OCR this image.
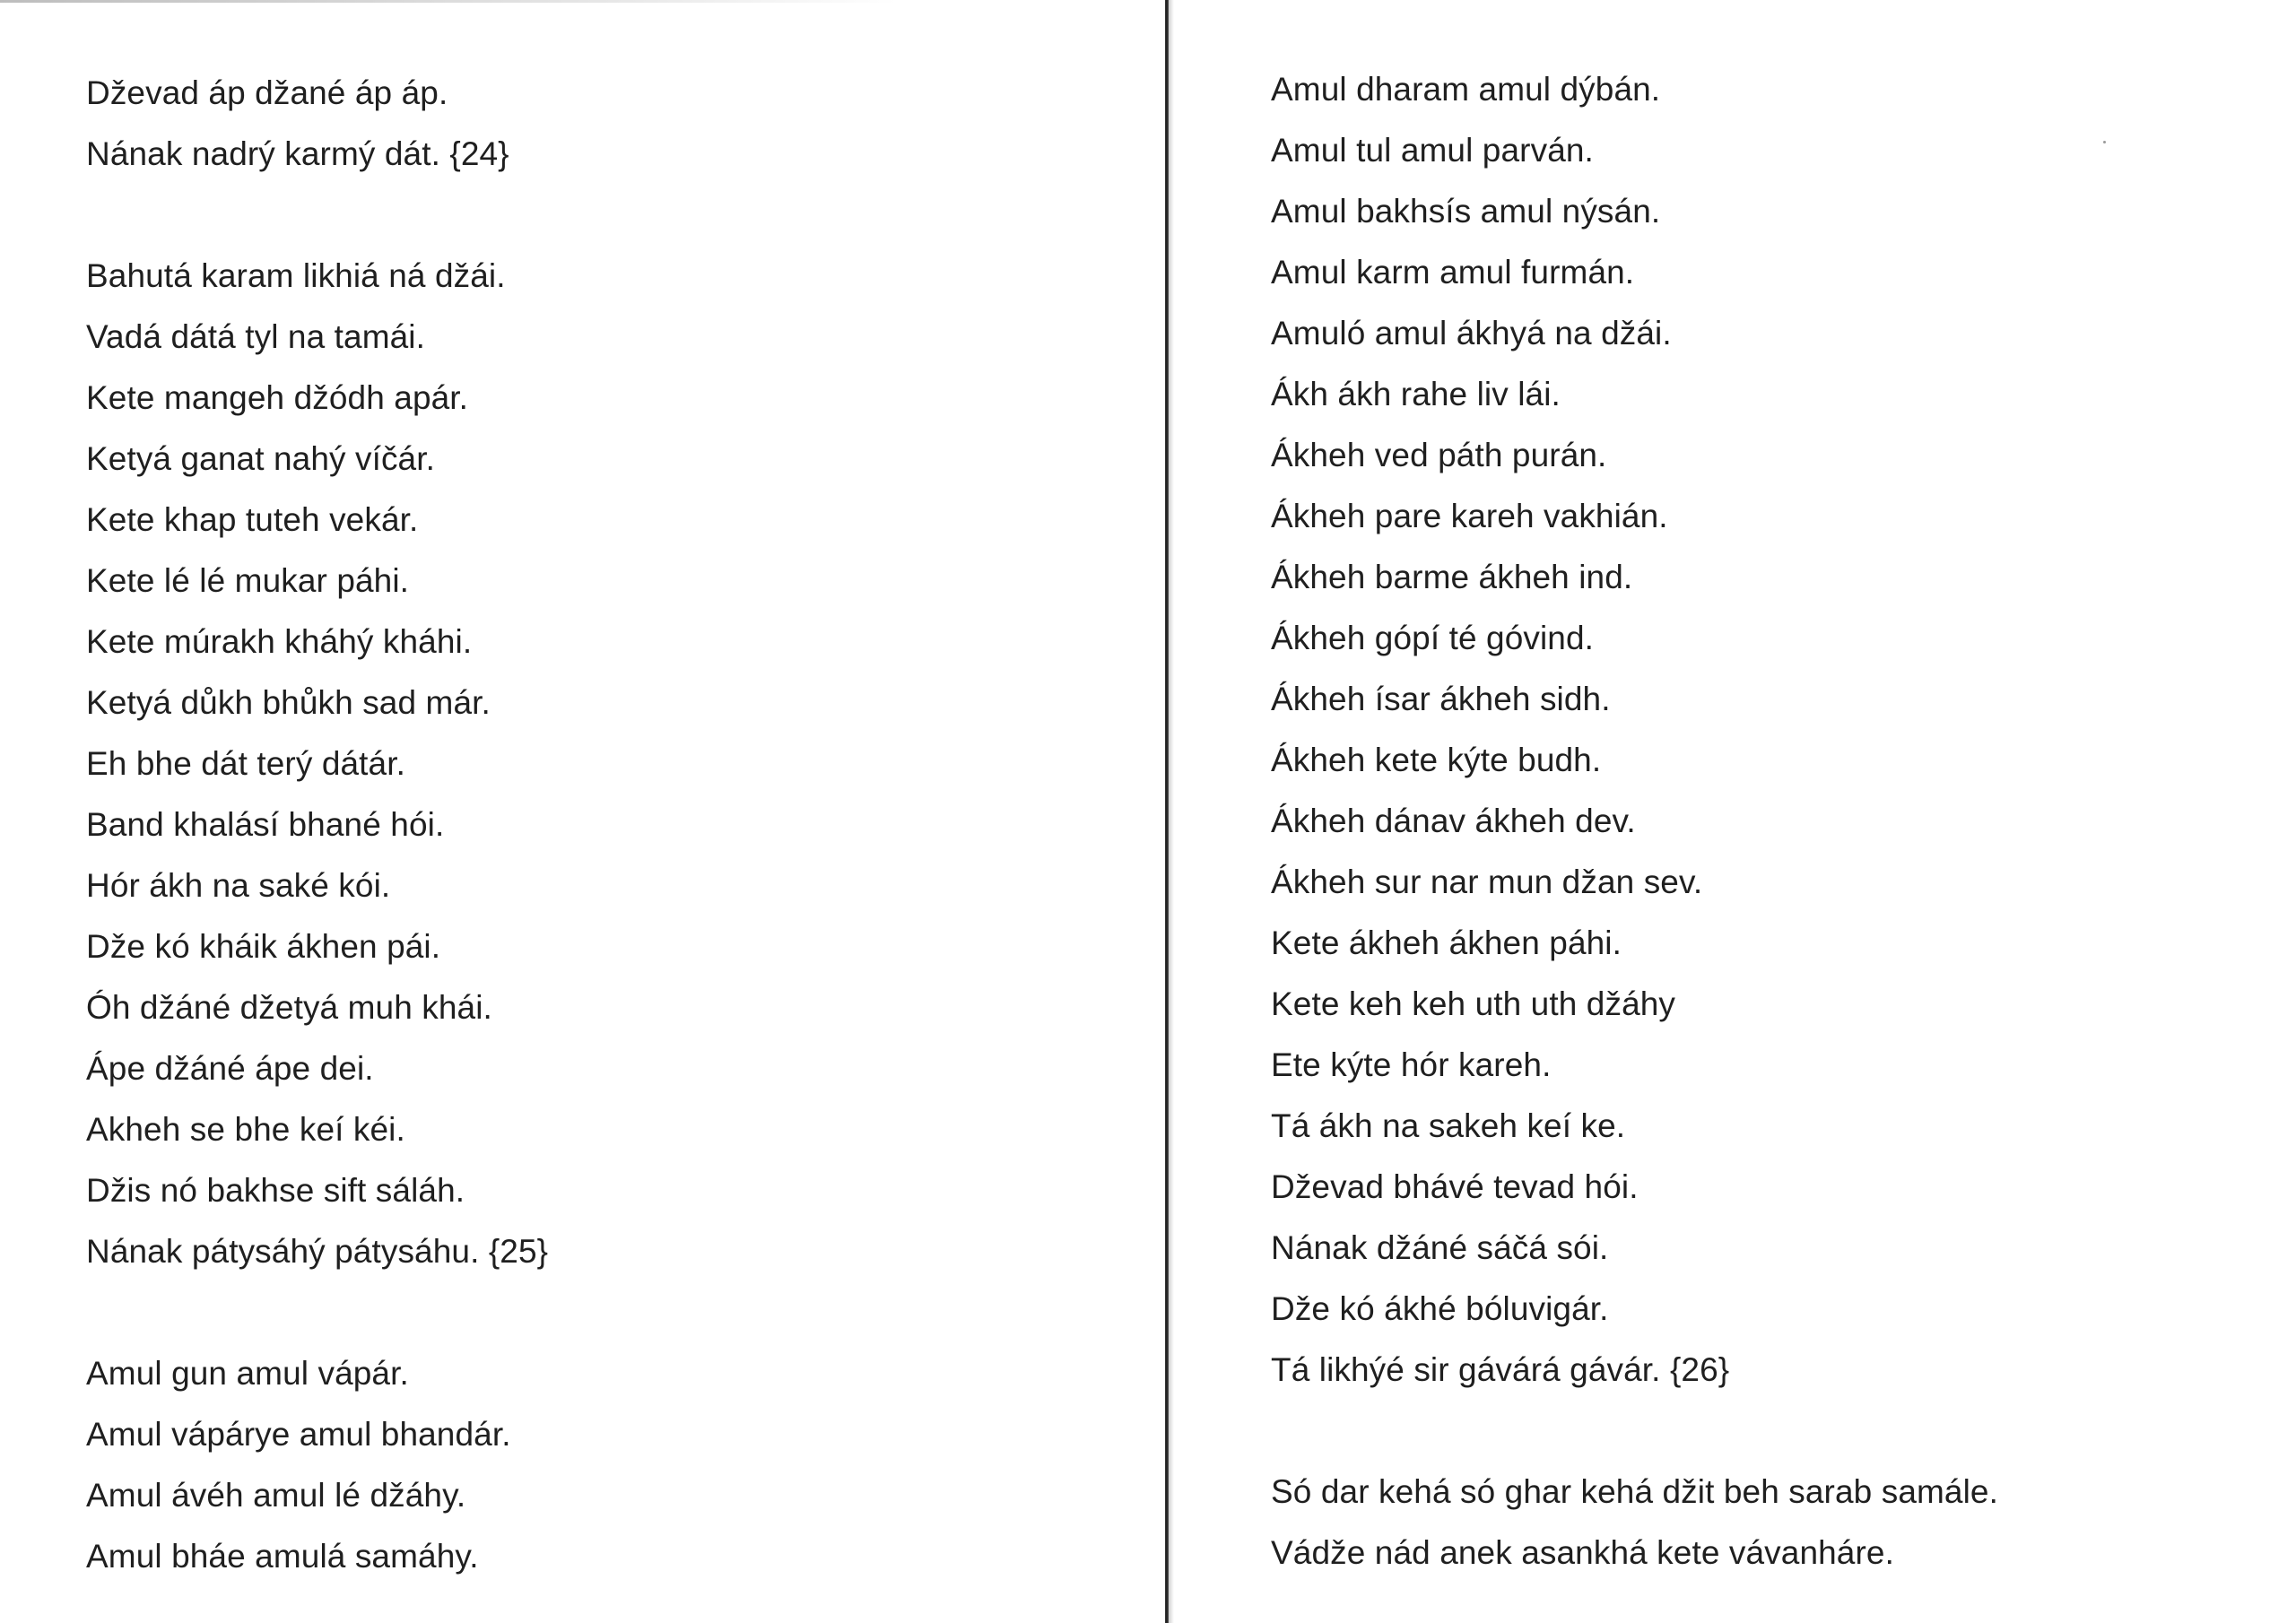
Dževad áp džané áp áp.
Nának nadrý karmý dát. {24}
Bahutá karam likhiá ná džái.
Vadá dátá tyl na tamái.
Kete mangeh džódh apár.
Ketyá ganat nahý víčár.
Kete khap tuteh vekár.
Kete lé lé mukar páhi.
Kete múrakh kháhý kháhi.
Ketyá důkh bhůkh sad már.
Eh bhe dát terý dátár.
Band khalásí bhané hói.
Hór ákh na saké kói.
Dže kó kháik ákhen pái.
Óh džáné džetyá muh khái.
Ápe džáné ápe dei.
Akheh se bhe keí kéi.
Džis nó bakhse sift sáláh.
Nának pátysáhý pátysáhu. {25}
Amul gun amul vápár.
Amul vápárye amul bhandár.
Amul ávéh amul lé džáhy.
Amul bháe amulá samáhy.
Amul dharam amul dýbán.
Amul tul amul parván.
Amul bakhsís amul nýsán.
Amul karm amul furmán.
Amuló amul ákhyá na džái.
Ákh ákh rahe liv lái.
Ákheh ved páth purán.
Ákheh pare kareh vakhián.
Ákheh barme ákheh ind.
Ákheh gópí té góvind.
Ákheh ísar ákheh sidh.
Ákheh kete kýte budh.
Ákheh dánav ákheh dev.
Ákheh sur nar mun džan sev.
Kete ákheh ákhen páhi.
Kete keh keh uth uth džáhy
Ete kýte hór kareh.
Tá ákh na sakeh keí ke.
Dževad bhávé tevad hói.
Nának džáné sáčá sói.
Dže kó ákhé bóluvigár.
Tá likhýé sir gávárá gávár. {26}
Só dar kehá só ghar kehá džit beh sarab samále.
Vádže nád anek asankhá kete vávanháre.
